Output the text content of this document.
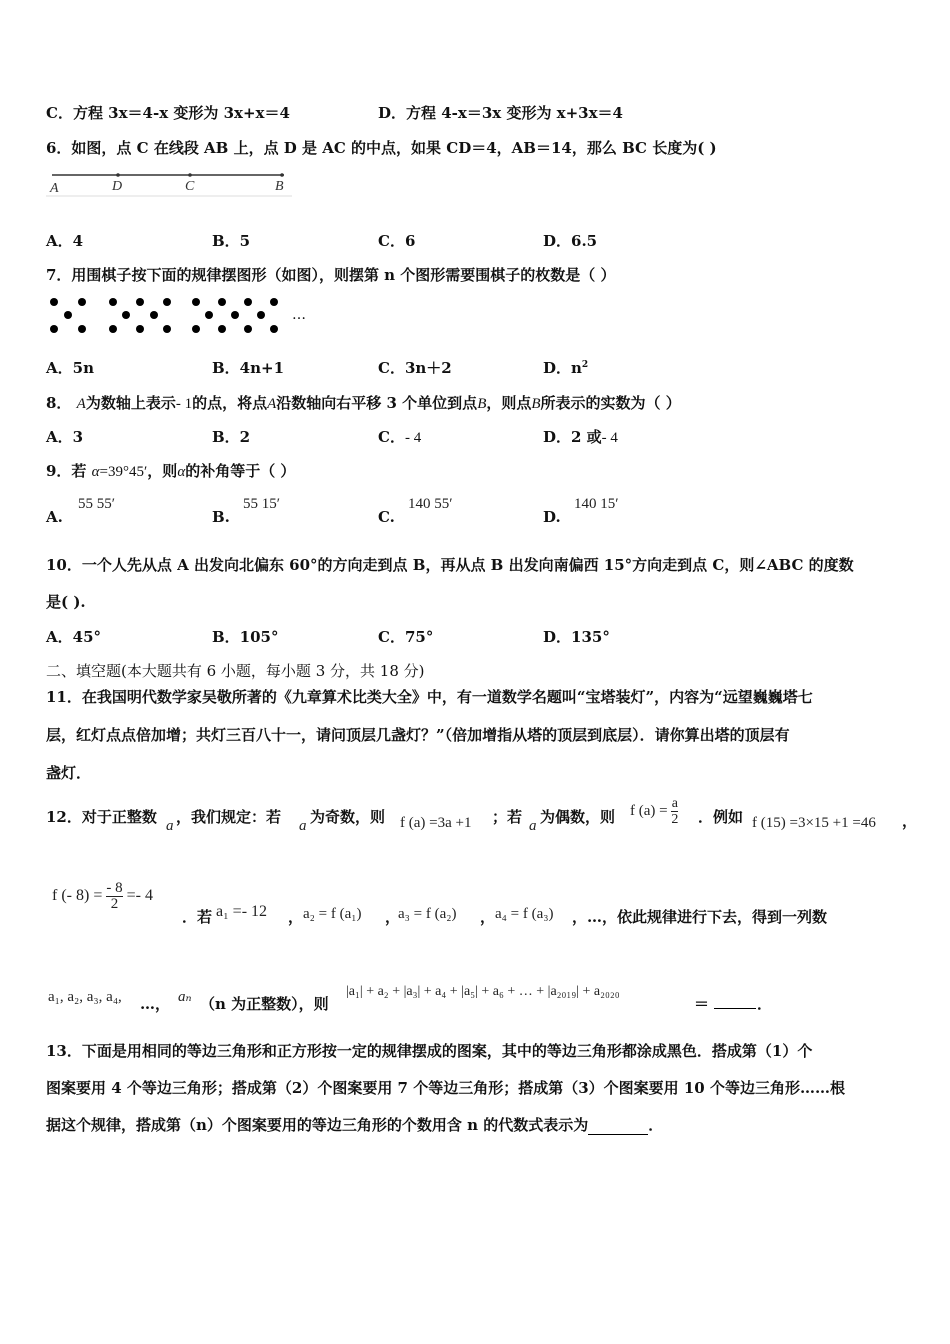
C．方程 3x＝4-x 变形为 3x+x＝4	D．方程 4-x＝3x 变形为 x+3x＝4
6．如图，点 C 在线段 AB 上，点 D 是 AC 的中点，如果 CD＝4，AB＝14，那么 BC 长度为( )
A	D	C	B
A．4	B．5	C．6	D．6.5
7．用围棋子按下面的规律摆图形（如图），则摆第 n 个图形需要围棋子的枚数是（ ）
…
A．5n	B．4n+1	C．3n＋2	D．$n^2$
8． A为数轴上表示- 1的点，将点A沿数轴向右平移 3 个单位到点B，则点B所表示的实数为（ ）
A．3	B．2	C．- 4	D．2 或- 4
9．若 α=39°45′，则α的补角等于（ ）
A.
55 55′
B.
55 15′
C.
140 55′
D.
140 15′
10．一个人先从点 A 出发向北偏东 60°的方向走到点 B，再从点 B 出发向南偏西 15°方向走到点 C，则∠ABC 的度数
是( ).
A．45°	B．105°	C．75°	D．135°
二、填空题(本大题共有 6 小题，每小题 3 分，共 18 分)
11．在我国明代数学家吴敬所著的《九章算术比类大全》中，有一道数学名题叫“宝塔装灯”，内容为“远望巍巍塔七
层，红灯点点倍加增；共灯三百八十一，请问顶层几盏灯？”（倍加增指从塔的顶层到底层）．请你算出塔的顶层有
盏灯．
12．对于正整数 a ，我们规定：若 a 为奇数，则 f (a) =3a +1 ；若 a 为偶数，则 f $(a) = \frac{a}{2}$ ．例如 f (15) =3×15 +1 =46 ，
f (- $8) = \frac{- 8}{2} =- 4$
．若 a₁ =- 12 ， a₂ = f (a₁) ，
a₃ = f (a₂) ， a₄ = f (a₃) ，…，依此规律进行下去，得到一列数
a₁, a₂, a₃, a₄, …， aₙ （n 为正整数），则
|a₁| + a₂ + |a₃| + a₄ + |a₅| + a₆ + … + |a₂₀₁₉| + a₂₀₂₀
＝	．
13．下面是用相同的等边三角形和正方形按一定的规律摆成的图案，其中的等边三角形都涂成黑色．搭成第（1）个
图案要用 4 个等边三角形；搭成第（2）个图案要用 7 个等边三角形；搭成第（3）个图案要用 10 个等边三角形……根
据这个规律，搭成第（n）个图案要用的等边三角形的个数用含 n 的代数式表示为	．
